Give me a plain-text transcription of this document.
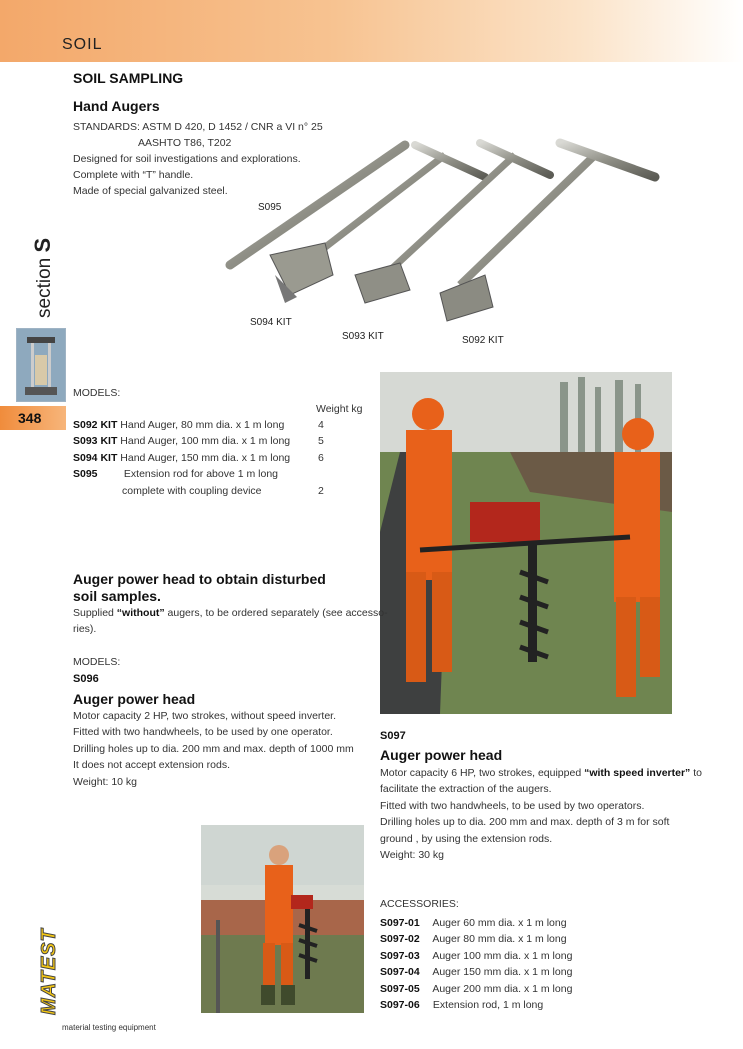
SOIL
section S
348
MATEST
material testing equipment
SOIL SAMPLING
Hand Augers
STANDARDS: ASTM D 420, D 1452 / CNR a VI n° 25
AASHTO T86, T202
Designed for soil investigations and explorations.
Complete with “T” handle.
Made of special galvanized steel.
S095
S094 KIT
S093 KIT	S092 KIT
MODELS:
Weight kg
S092 KIT Hand Auger, 80 mm dia. x 1 m long	4
S093 KIT Hand Auger, 100 mm dia. x 1 m long	5
S094 KIT Hand Auger, 150 mm dia. x 1 m long	6
S095	Extension rod for above 1 m long
complete with coupling device	2
Auger power head to obtain disturbed
soil samples.
Supplied “without” augers, to be ordered separately (see accesso-
ries).
MODELS:
S096
Auger power head
Motor capacity 2 HP, two strokes, without speed inverter.
Fitted with two handwheels, to be used by one operator.
Drilling holes up to dia. 200 mm and max. depth of 1000 mm
It does not accept extension rods.
Weight: 10 kg
S097
Auger power head
Motor capacity 6 HP, two strokes, equipped “with speed inverter” to
facilitate the extraction of the augers.
Fitted with two handwheels, to be used by two operators.
Drilling holes up to dia. 200 mm and max. depth of 3 m for soft
ground , by using the extension rods.
Weight: 30 kg
ACCESSORIES:
S097-01 Auger 60 mm dia. x 1 m long
S097-02 Auger 80 mm dia. x 1 m long
S097-03 Auger 100 mm dia. x 1 m long
S097-04 Auger 150 mm dia. x 1 m long
S097-05 Auger 200 mm dia. x 1 m long
S097-06 Extension rod, 1 m long
